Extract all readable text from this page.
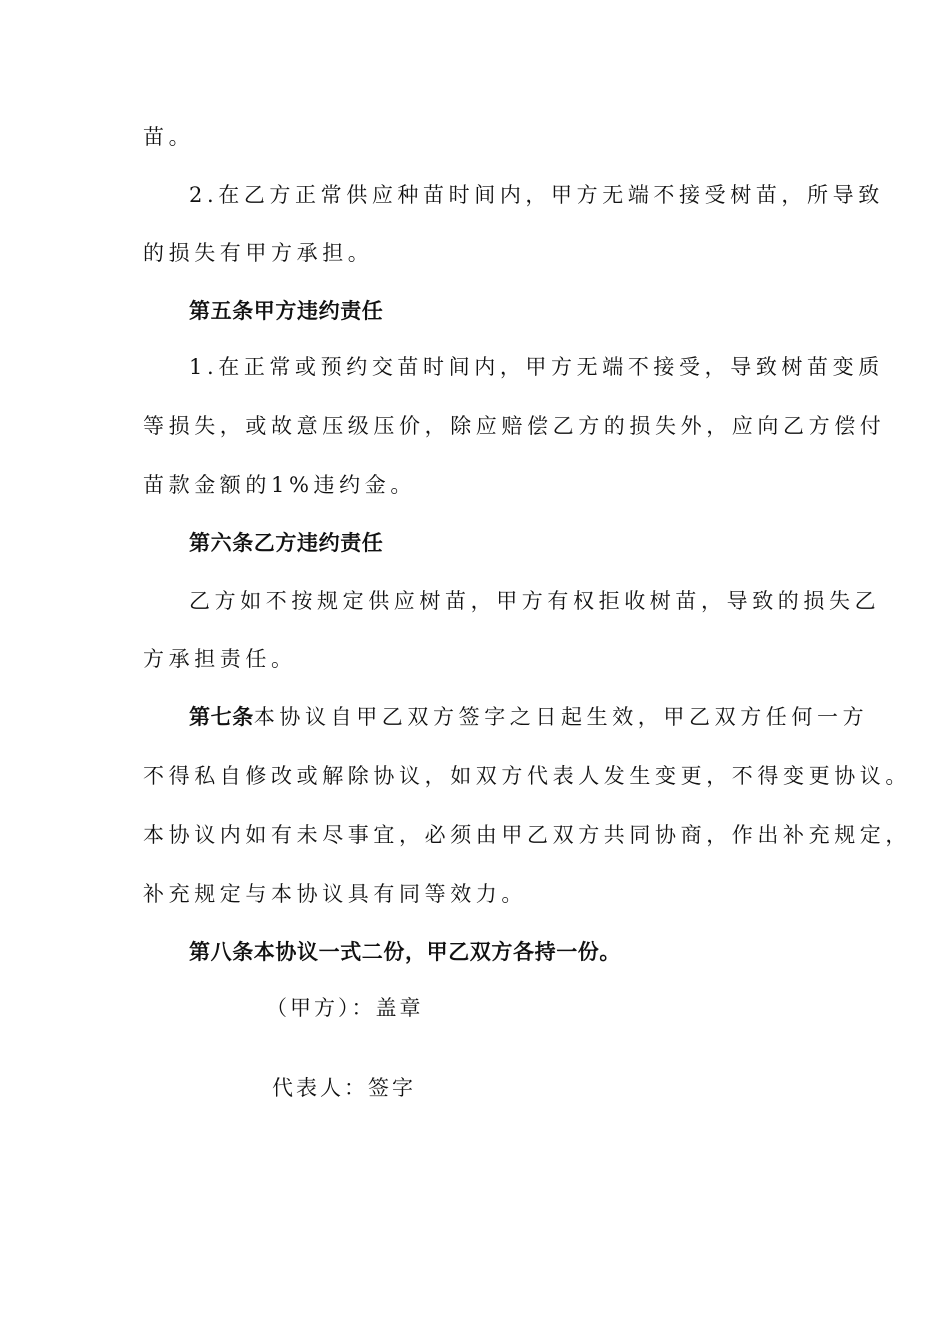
苗。
2.在乙方正常供应种苗时间内，甲方无端不接受树苗，所导致
的损失有甲方承担。
第五条甲方违约责任
1.在正常或预约交苗时间内，甲方无端不接受，导致树苗变质
等损失，或故意压级压价，除应赔偿乙方的损失外，应向乙方偿付
苗款金额的1%违约金。
第六条乙方违约责任
乙方如不按规定供应树苗，甲方有权拒收树苗，导致的损失乙
方承担责任。
第七条本协议自甲乙双方签字之日起生效，甲乙双方任何一方
不得私自修改或解除协议，如双方代表人发生变更，不得变更协议。
本协议内如有未尽事宜，必须由甲乙双方共同协商，作出补充规定，
补充规定与本协议具有同等效力。
第八条本协议一式二份，甲乙双方各持一份。
（甲方）：盖章
代表人：签字
